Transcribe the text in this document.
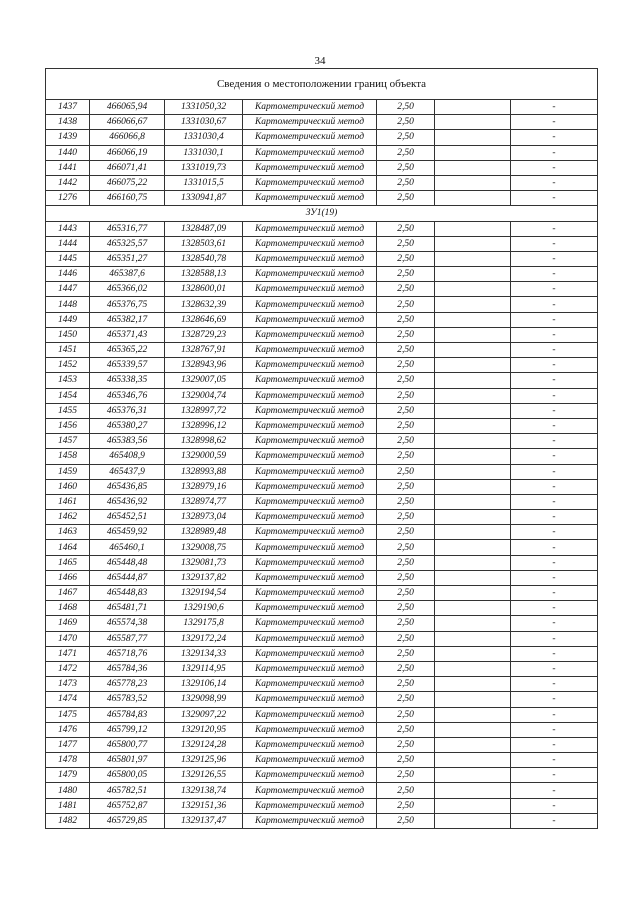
34
Сведения о местоположении границ объекта						
1437	466065,94	1331050,32	Картометрический метод	2,50		-
1438	466066,67	1331030,67	Картометрический метод	2,50		-
1439	466066,8	1331030,4	Картометрический метод	2,50		-
1440	466066,19	1331030,1	Картометрический метод	2,50		-
1441	466071,41	1331019,73	Картометрический метод	2,50		-
1442	466075,22	1331015,5	Картометрический метод	2,50		-
1276	466160,75	1330941,87	Картометрический метод	2,50		-
ЗУ1(19)						
1443	465316,77	1328487,09	Картометрический метод	2,50		-
1444	465325,57	1328503,61	Картометрический метод	2,50		-
1445	465351,27	1328540,78	Картометрический метод	2,50		-
1446	465387,6	1328588,13	Картометрический метод	2,50		-
1447	465366,02	1328600,01	Картометрический метод	2,50		-
1448	465376,75	1328632,39	Картометрический метод	2,50		-
1449	465382,17	1328646,69	Картометрический метод	2,50		-
1450	465371,43	1328729,23	Картометрический метод	2,50		-
1451	465365,22	1328767,91	Картометрический метод	2,50		-
1452	465339,57	1328943,96	Картометрический метод	2,50		-
1453	465338,35	1329007,05	Картометрический метод	2,50		-
1454	465346,76	1329004,74	Картометрический метод	2,50		-
1455	465376,31	1328997,72	Картометрический метод	2,50		-
1456	465380,27	1328996,12	Картометрический метод	2,50		-
1457	465383,56	1328998,62	Картометрический метод	2,50		-
1458	465408,9	1329000,59	Картометрический метод	2,50		-
1459	465437,9	1328993,88	Картометрический метод	2,50		-
1460	465436,85	1328979,16	Картометрический метод	2,50		-
1461	465436,92	1328974,77	Картометрический метод	2,50		-
1462	465452,51	1328973,04	Картометрический метод	2,50		-
1463	465459,92	1328989,48	Картометрический метод	2,50		-
1464	465460,1	1329008,75	Картометрический метод	2,50		-
1465	465448,48	1329081,73	Картометрический метод	2,50		-
1466	465444,87	1329137,82	Картометрический метод	2,50		-
1467	465448,83	1329194,54	Картометрический метод	2,50		-
1468	465481,71	1329190,6	Картометрический метод	2,50		-
1469	465574,38	1329175,8	Картометрический метод	2,50		-
1470	465587,77	1329172,24	Картометрический метод	2,50		-
1471	465718,76	1329134,33	Картометрический метод	2,50		-
1472	465784,36	1329114,95	Картометрический метод	2,50		-
1473	465778,23	1329106,14	Картометрический метод	2,50		-
1474	465783,52	1329098,99	Картометрический метод	2,50		-
1475	465784,83	1329097,22	Картометрический метод	2,50		-
1476	465799,12	1329120,95	Картометрический метод	2,50		-
1477	465800,77	1329124,28	Картометрический метод	2,50		-
1478	465801,97	1329125,96	Картометрический метод	2,50		-
1479	465800,05	1329126,55	Картометрический метод	2,50		-
1480	465782,51	1329138,74	Картометрический метод	2,50		-
1481	465752,87	1329151,36	Картометрический метод	2,50		-
1482	465729,85	1329137,47	Картометрический метод	2,50		-
